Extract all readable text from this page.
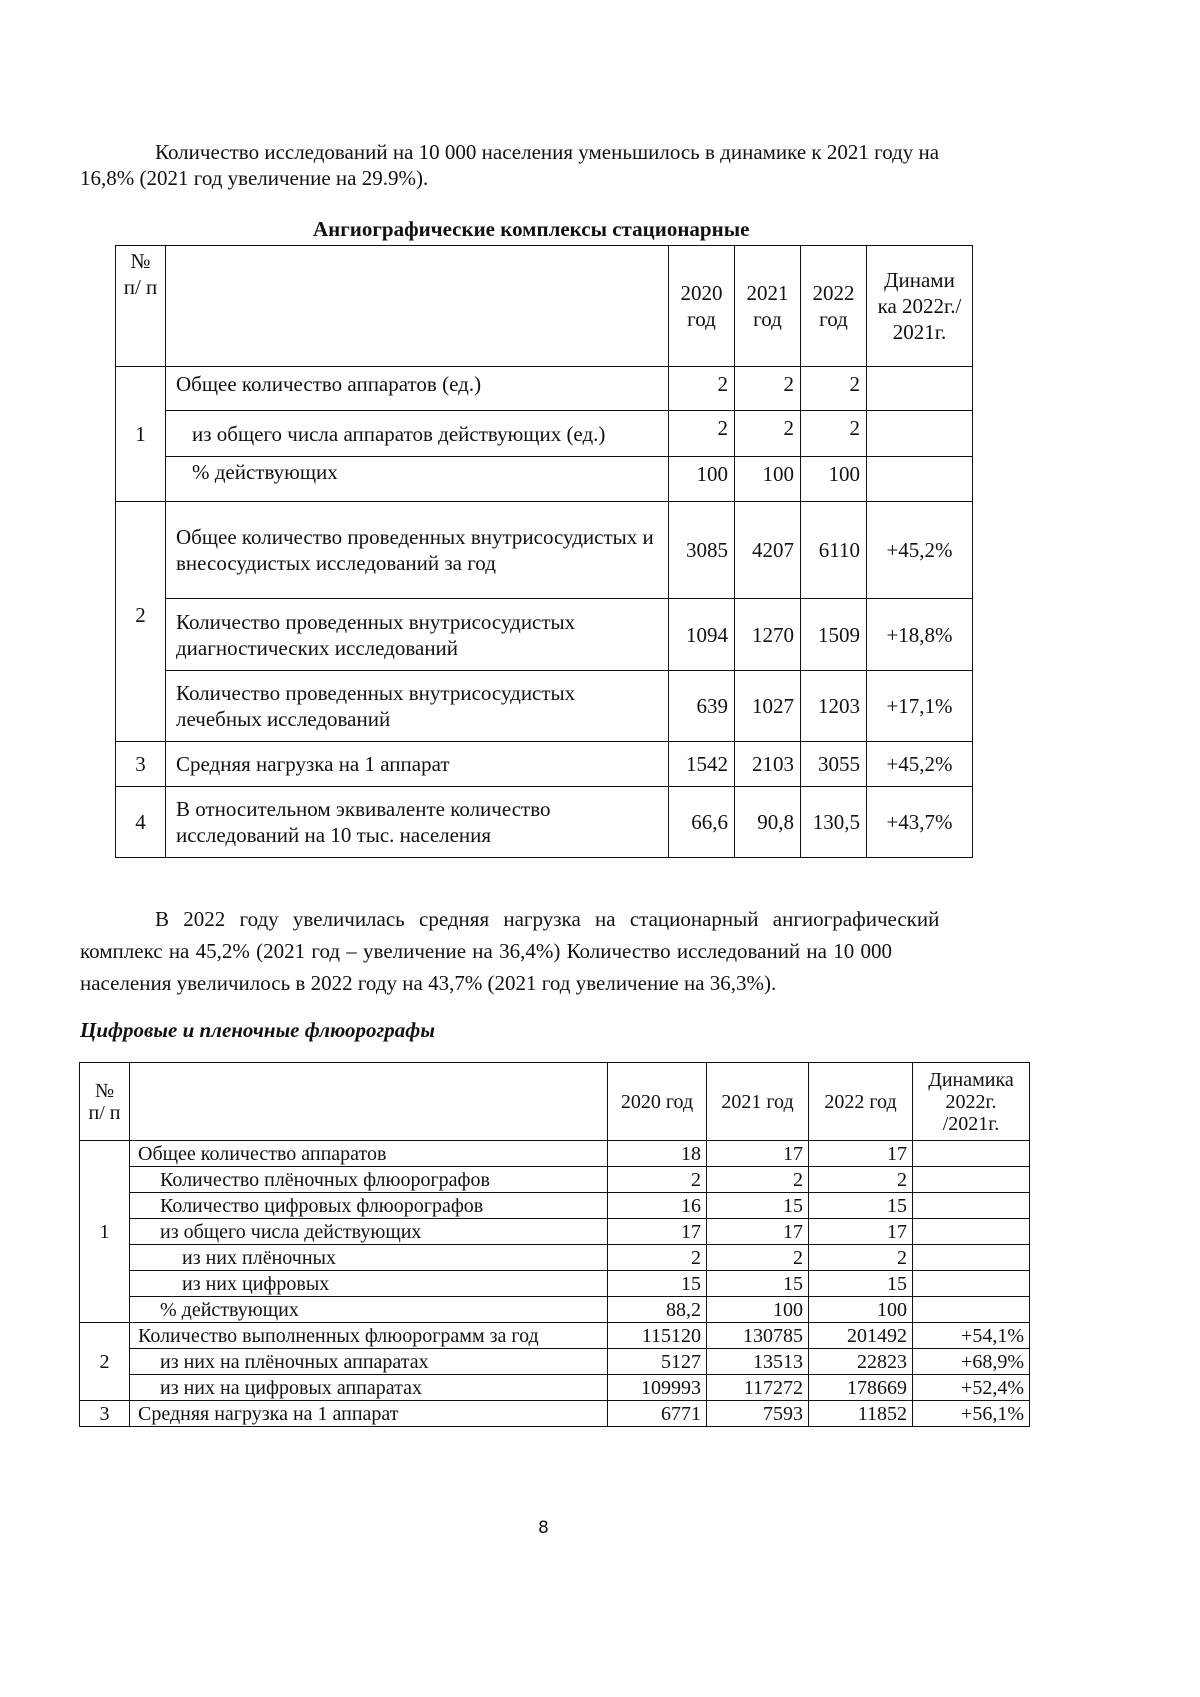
Количество исследований на 10 000 населения уменьшилось в динамике к 2021 году на

16,8% (2021 год увеличение на 29.9%).

Ангиографические комплексы стационарные

№ п/ п		2020 год	2021 год	2022 год	Динами ка 2022г./ 2021г.
1	Общее количество аппаратов (ед.)	2	2	2	
	из общего числа аппаратов действующих (ед.)	2	2	2	
	% действующих	100	100	100	
2	Общее количество проведенных внутрисосудистых и внесосудистых исследований за год	3085	4207	6110	+45,2%
	Количество проведенных внутрисосудистых диагностических исследований	1094	1270	1509	+18,8%
	Количество проведенных внутрисосудистых лечебных исследований	639	1027	1203	+17,1%
3	Средняя нагрузка на 1 аппарат	1542	2103	3055	+45,2%
4	В относительном эквиваленте количество исследований на 10 тыс. населения	66,6	90,8	130,5	+43,7%

В 2022 году увеличилась средняя нагрузка на стационарный ангиографический

комплекс на 45,2% (2021 год – увеличение на 36,4%) Количество исследований на 10 000

населения увеличилось в 2022 году на 43,7% (2021 год увеличение на 36,3%).

Цифровые и пленочные флюорографы

№ п/ п		2020 год	2021 год	2022 год	Динамика 2022г. /2021г.
1	Общее количество аппаратов	18	17	17	
	Количество плёночных флюорографов	2	2	2	
	Количество цифровых флюорографов	16	15	15	
	из общего числа действующих	17	17	17	
	из них плёночных	2	2	2	
	из них цифровых	15	15	15	
	% действующих	88,2	100	100	
2	Количество выполненных флюорограмм за год	115120	130785	201492	+54,1%
	из них на плёночных аппаратах	5127	13513	22823	+68,9%
	из них на цифровых аппаратах	109993	117272	178669	+52,4%
3	Средняя нагрузка на 1 аппарат	6771	7593	11852	+56,1%

8
